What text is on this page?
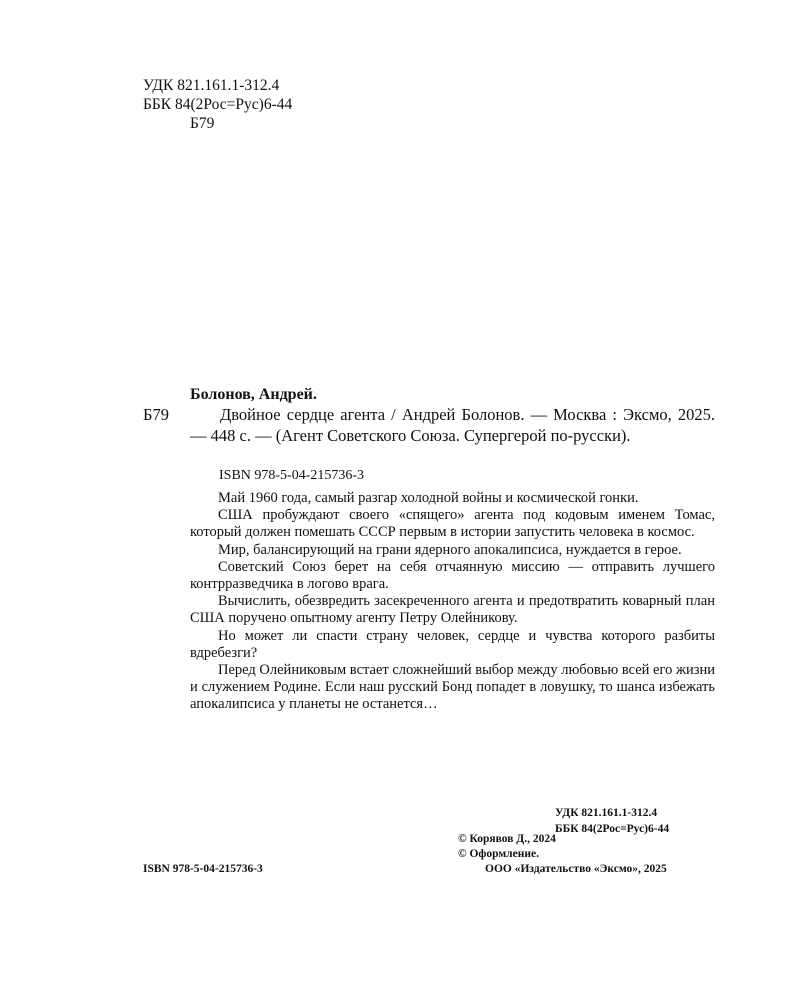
УДК 821.161.1-312.4
ББК 84(2Рос=Рус)6-44
Б79
Болонов, Андрей.
Б79	Двойное сердце агента / Андрей Болонов. — Москва : Эксмо, 2025. — 448 с. — (Агент Советского Союза. Супергерой по-русски).

ISBN 978-5-04-215736-3

Май 1960 года, самый разгар холодной войны и космической гонки.

США пробуждают своего «спящего» агента под кодовым именем Томас, который должен помешать СССР первым в истории запустить человека в космос.

Мир, балансирующий на грани ядерного апокалипсиса, нуждается в герое.

Советский Союз берет на себя отчаянную миссию — отправить лучшего контрразведчика в логово врага.

Вычислить, обезвредить засекреченного агента и предотвратить коварный план США поручено опытному агенту Петру Олейникову.

Но может ли спасти страну человек, сердце и чувства которого разбиты вдребезги?

Перед Олейниковым встает сложнейший выбор между любовью всей его жизни и служением Родине. Если наш русский Бонд попадет в ловушку, то шанса избежать апокалипсиса у планеты не останется…

УДК 821.161.1-312.4
ББК 84(2Рос=Рус)6-44
© Корявов Д., 2024
© Оформление.
ООО «Издательство «Эксмо», 2025
ISBN 978-5-04-215736-3
